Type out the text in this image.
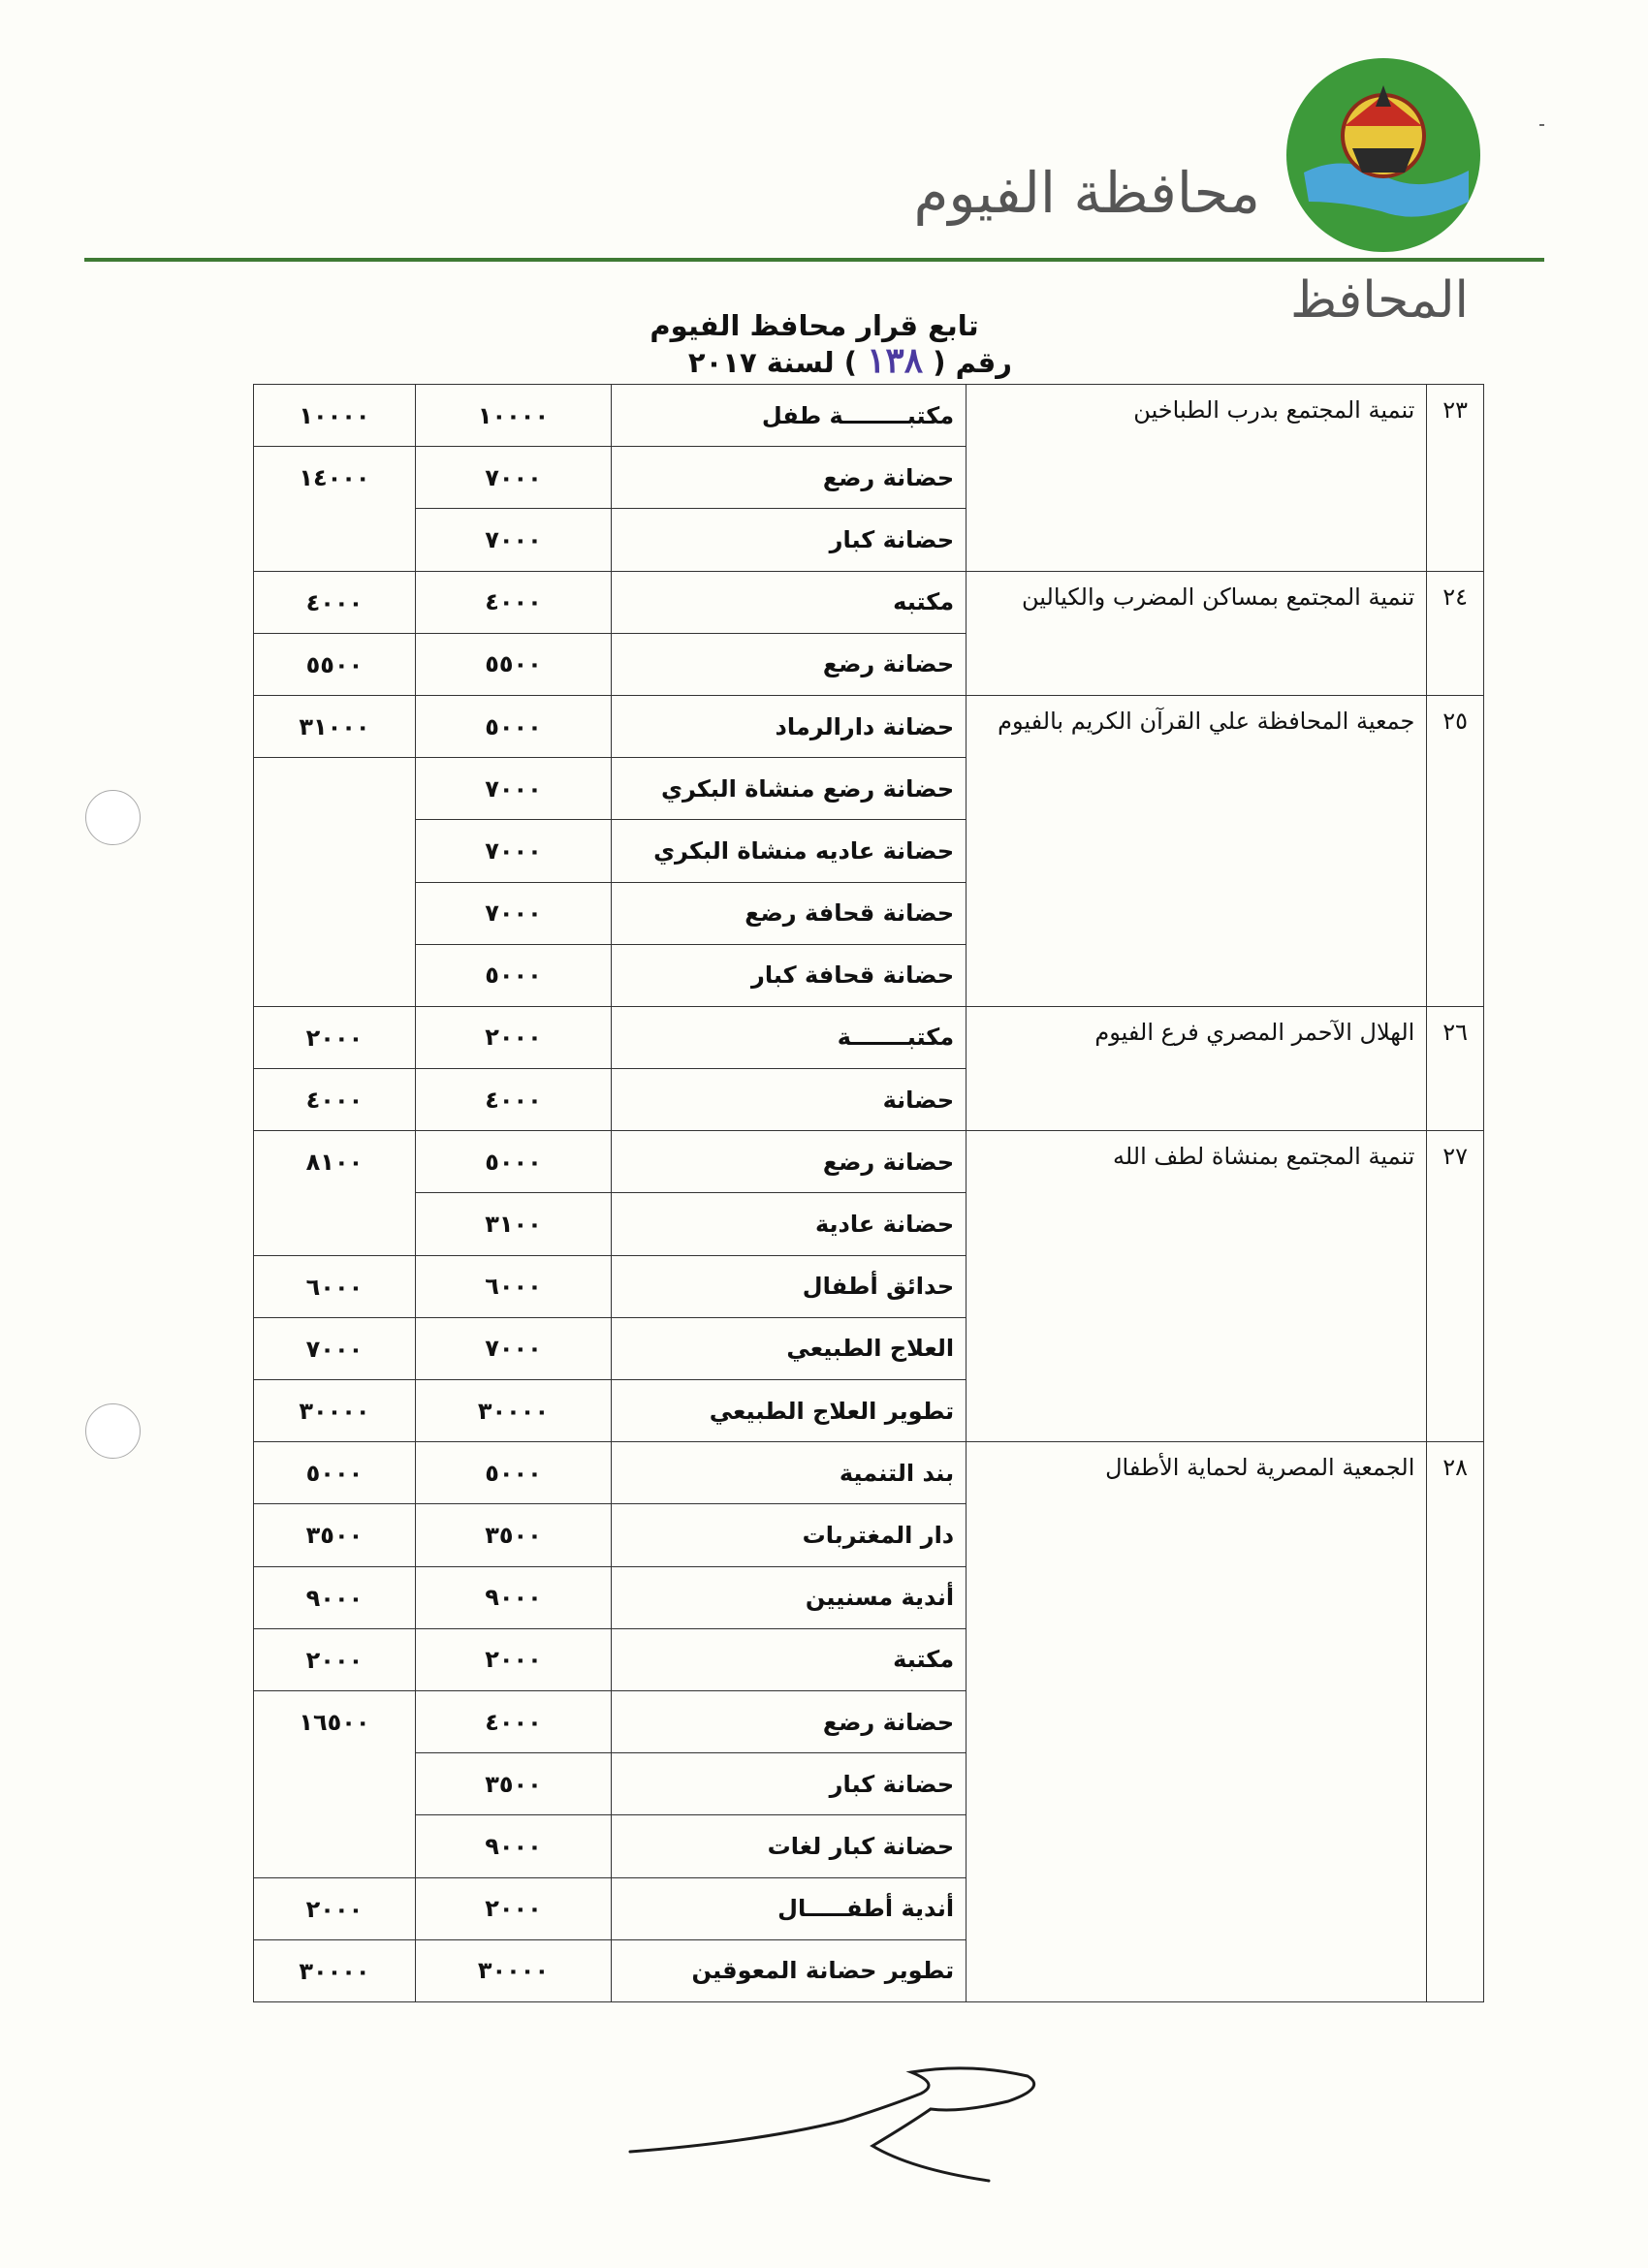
محافظة الفيوم
المحافظ
تابع قرار محافظ الفيوم
رقم ( ١٣٨ ) لسنة ٢٠١٧
٢٣	تنمية المجتمع بدرب الطباخين	مكتبــــــــة طفل	١٠٠٠٠	١٠٠٠٠
		حضانة رضع	٧٠٠٠	١٤٠٠٠
		حضانة كبار	٧٠٠٠	
٢٤	تنمية المجتمع بمساكن المضرب والكيالين	مكتبه	٤٠٠٠	٤٠٠٠
		حضانة رضع	٥٥٠٠	٥٥٠٠
٢٥	جمعية المحافظة علي القرآن الكريم بالفيوم	حضانة دارالرماد	٥٠٠٠	٣١٠٠٠
		حضانة رضع منشاة البكري	٧٠٠٠	
		حضانة عاديه منشاة البكري	٧٠٠٠	
		حضانة قحافة رضع	٧٠٠٠	
		حضانة قحافة كبار	٥٠٠٠	
٢٦	الهلال الآحمر المصري فرع الفيوم	مكتبـــــــة	٢٠٠٠	٢٠٠٠
		حضانة	٤٠٠٠	٤٠٠٠
٢٧	تنمية المجتمع بمنشاة لطف الله	حضانة رضع	٥٠٠٠	٨١٠٠
		حضانة عادية	٣١٠٠	
		حدائق أطفال	٦٠٠٠	٦٠٠٠
		العلاج الطبيعي	٧٠٠٠	٧٠٠٠
		تطوير العلاج الطبيعي	٣٠٠٠٠	٣٠٠٠٠
٢٨	الجمعية المصرية لحماية الأطفال	بند التنمية	٥٠٠٠	٥٠٠٠
		دار المغتربات	٣٥٠٠	٣٥٠٠
		أندية مسنيين	٩٠٠٠	٩٠٠٠
		مكتبة	٢٠٠٠	٢٠٠٠
		حضانة رضع	٤٠٠٠	١٦٥٠٠
		حضانة كبار	٣٥٠٠	
		حضانة كبار لغات	٩٠٠٠	
		أندية أطفـــــال	٢٠٠٠	٢٠٠٠
		تطوير حضانة المعوقين	٣٠٠٠٠	٣٠٠٠٠
